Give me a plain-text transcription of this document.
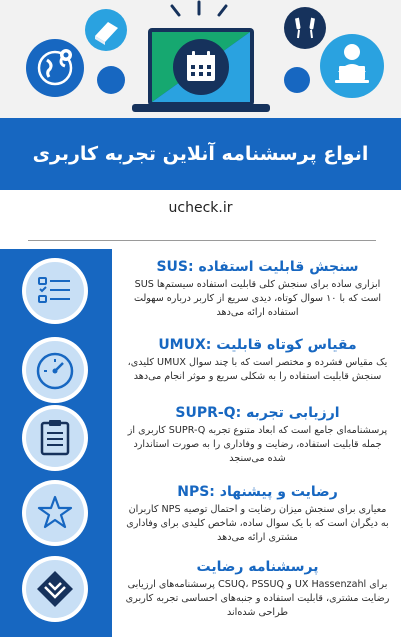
انواع پرسشنامه آنلاین تجربه کاربری
ucheck.ir
سنجش قابلیت استفاده :SUS
ابزاری ساده برای سنجش کلی قابلیت استفاده سیستم‌ها SUS است که با ۱۰ سوال کوتاه، دیدی سریع از کاربر درباره سهولت استفاده ارائه می‌دهد
مقیاس کوتاه قابلیت :UMUX
یک مقیاس فشرده و مختصر است که با چند سوال UMUX کلیدی، سنجش قابلیت استفاده را به شکلی سریع و موثر انجام می‌دهد
ارزیابی تجربه :SUPR-Q
پرسشنامه‌ای جامع است که ابعاد متنوع تجربه SUPR-Q کاربری از جمله قابلیت استفاده، رضایت و وفاداری را به صورت استاندارد شده می‌سنجد
رضایت و پیشنهاد :NPS
معیاری برای سنجش میزان رضایت و احتمال توصیه NPS کاربران به دیگران است که با یک سوال ساده، شاخص کلیدی برای وفاداری مشتری ارائه می‌دهد
پرسشنامه رضایت
برای UX Hassenzahl و CSUQ، PSSUQ پرسشنامه‌های ارزیابی رضایت مشتری، قابلیت استفاده و جنبه‌های احساسی تجربه کاربری طراحی شده‌اند
